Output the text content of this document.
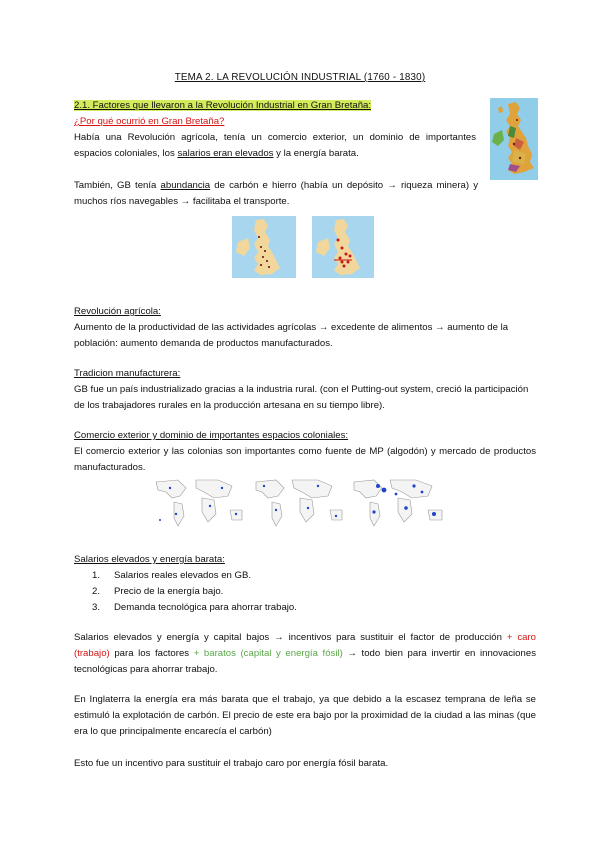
TEMA 2. LA REVOLUCIÓN INDUSTRIAL (1760 - 1830)
2.1. Factores que llevaron a la Revolución Industrial en Gran Bretaña:
¿Por qué ocurrió en Gran Bretaña?
Había una Revolución agrícola, tenía un comercio exterior, un dominio de importantes espacios coloniales, los salarios eran elevados y la energía barata.
También, GB tenía abundancia de carbón e hierro (había un depósito → riqueza minera) y muchos ríos navegables → facilitaba el transporte.
Revolución agrícola:
Aumento de la productividad de las actividades agrícolas → excedente de alimentos → aumento de la población: aumento demanda de productos manufacturados.
Tradicion manufacturera:
GB fue un país industrializado gracias a la industria rural. (con el Putting-out system, creció la participación de los trabajadores rurales en la producción artesana en su tiempo libre).
Comercio exterior y dominio de importantes espacios coloniales:
El comercio exterior y las colonias son importantes como fuente de MP (algodón) y mercado de productos manufacturados.
Salarios elevados y energía barata:
1. Salarios reales elevados en GB.
2. Precio de la energía bajo.
3. Demanda tecnológica para ahorrar trabajo.
Salarios elevados y energía y capital bajos → incentivos para sustituir el factor de producción + caro (trabajo) para los factores + baratos (capital y energía fósil) → todo bien para invertir en innovaciones tecnológicas para ahorrar trabajo.
En Inglaterra la energía era más barata que el trabajo, ya que debido a la escasez temprana de leña se estimuló la explotación de carbón. El precio de este era bajo por la proximidad de la ciudad a las minas (que era lo que principalmente encarecía el carbón)
Esto fue un incentivo para sustituir el trabajo caro por energía fósil barata.
